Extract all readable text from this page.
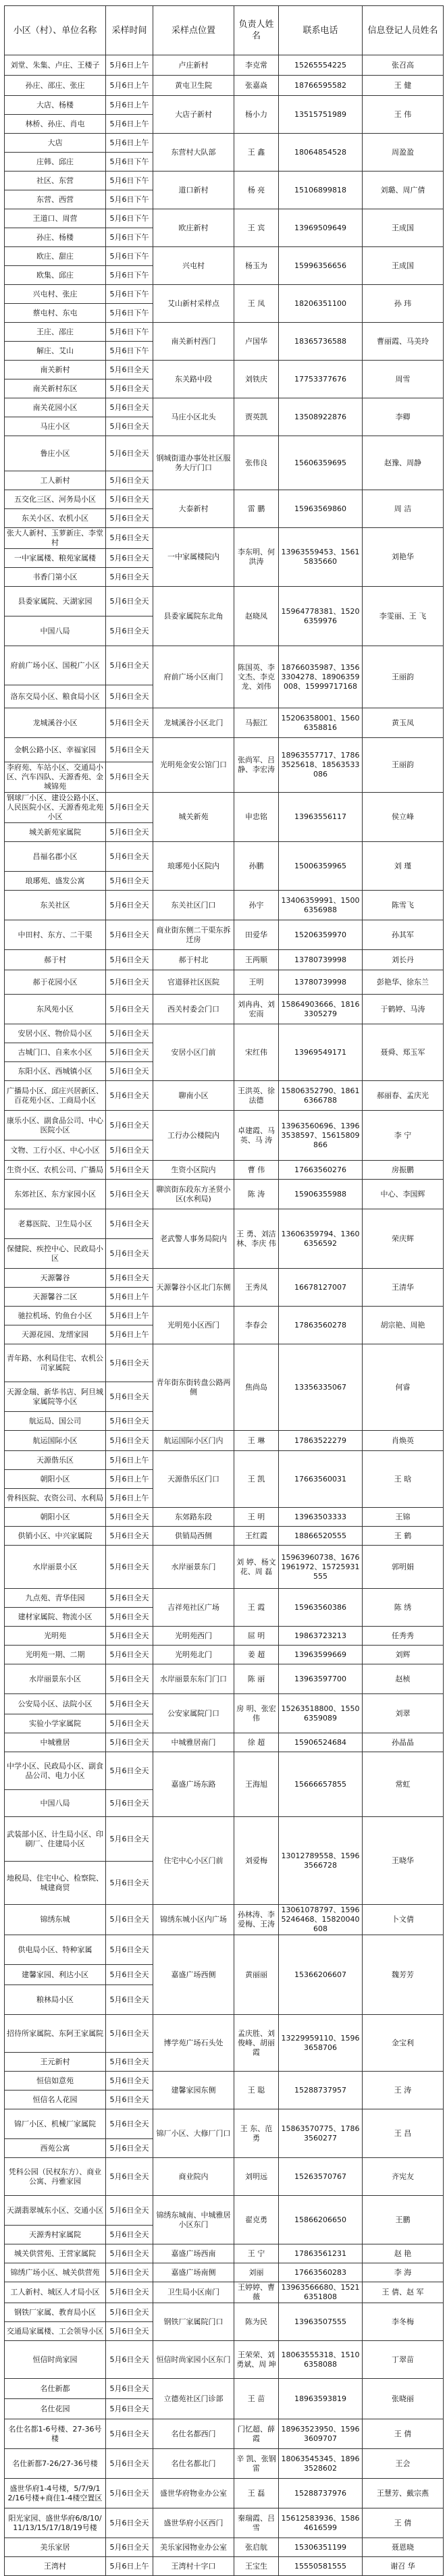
小区（村）、单位名称	采样时间	采样点位置	负责人姓名	联系电话	信息登记人员姓名
刘堂、朱集、卢庄、王楼子	5月6日上午	卢庄新村	李克常	15265554225	张召高
孙庄、邵庄、张庄	5月6日上午	黄屯卫生院	张嘉焱	18766595582	王 健
大店、杨楼	5月6日上午	大店子新村	杨小力	13515751989	王 伟
林桥、孙庄、肖屯	5月6日上午				
大店	5月6日上午	东营村大队部	王 鑫	18064854528	周盈盈
庄韩、邱庄	5月6日下午				
社区、东营	5月6日下午	道口新村	杨 亮	15106899818	刘璐、周广倩
东营、西营	5月6日下午				
王道口、周营	5月6日下午	欧庄新村	王 宾	13969509649	王成国
孙庄、杨楼	5月6日下午				
欧庄、甜庄	5月6日下午	兴屯村	杨玉为	15996356656	王成国
欧集、邱庄	5月6日下午				
兴屯村、张庄	5月6日下午	艾山新村采样点	王 凤	18206351100	孙 玮
蔡屯村、东屯	5月6日下午				
王庄、邵庄	5月6日下午	南关新村西门	卢国华	18365736588	曹丽霞、马美玲
解庄、艾山	5月6日下午				
南关新村	5月6日全天	东关路中段	刘铁庆	17753377676	周雪
南关新村东区	5月6日全天				
南关花园小区	5月6日全天	马庄小区北头	贾英凯	13508922876	李卿
马庄小区	5月6日全天				
鲁庄小区	5月6日全天	钢城街道办事处社区服务大厅门口	张伟良	15606359695	赵豫、周静
工人新村	5月6日全天				
五交化三区、河务局小区	5月6日全天	大泰新村	雷 鹏	15963569860	周 洁
东关小区、农机小区	5月6日全天				
张大人新村、玉萝新庄、李堂村	5月6日全天	一中家属楼院内	李东明、何洪涛	13963559453、15615835660	刘艳华
一中家属楼、粮苑家属楼	5月6日全天				
书香门第小区	5月6日全天				
县委家属院、天湖家园	5月6日全天	县委家属院东北角	赵晓凤	15964778381、15206359976	李雯丽、王 飞
中国八局	5月6日全天				
府前广场小区、国税广小区	5月6日全天	府前广场小区南门	陈国英、李文杰、李克龙、刘伟	18766035987、13563304278、18906359008、15999717168	王丽韵
洛东交局小区、粮食局小区	5月6日全天				
龙城溪谷小区	5月6日全天	龙城溪谷小区北门	马振江	15206358001、15606358816	黄玉凤
金帆公路小区、幸福家园	5月6日全天	光明苑金安公馆门口	张尚军、吕静、李宏涛	18963557717、17863525618、18563533086	王丽韵
李府苑、车站小区、交通局小区、汽车四队、天源香苑、金城锦苑	5月6日全天				
钢球厂小区、建设公路小区、人民医院小区、天源香苑北苑小区	5月6日全天	城关新苑	申忠铭	13963556117	侯立峰
城关新苑家属院	5月6日全天				
昌福名郡小区	5月6日全天	琅琊苑小区院内	孙鹏	15006359965	刘 瑾
琅琊苑、盛发公寓	5月6日全天				
东关社区	5月6日全天	东关社区门口	孙宇	13406359991、15006356988	陈雪飞
中田村、东方、二干渠	5月6日全天	商业街东侧二干渠东拆迁房	田爱华	15206359970	孙其军
郝于村	5月6日全天	郝于村北	王两顺	13780739998	刘长丹
郝于花园小区	5月6日全天	官道驿社区医院	王明	13780739998	彭艳华、徐东兰
东风苑小区	5月6日全天	西关村委会门口	刘冉冉、刘宏雨	15864903666、18163305279	于鹤婷、马涛
安居小区、物价局小区	5月6日全天	安居小区门前	宋红伟	13969549171	聂舜、郑玉军
古城门口、自来水小区	5月6日全天				
东阳小区、西城镇小区	5月6日全天				
广播局小区、邱庄兴居新区、百花苑小区、工商局小区	5月6日全天	聊南小区	王洪英、徐法德	15806352790、18616366788	郝丽春、孟庆光
康乐小区、副食品公司、中心医院小区	5月6日全天	工行办公楼院内	卓建霞、马英、马 涛	13963560696、13963538597、15615809866	李 宁
文物、工行小区、中心小区	5月6日全天				
生资小区、农机公司、广播局	5月6日全天	生资小区院内	曹 伟	17663560276	房振鹏
东郊社区、东方家园小区	5月6日全天	聊滨街东段东方圣贤小区(水利局)	陈 涛	15906355988	中心、李国辉
老募医院、卫生局小区	5月6日全天	老武警人事务局院内	王 勇、刘洁 林、李庆 伟	13606359794、13606356592	荣庆辉
保健院、疾控中心、民政局小区	5月6日全天				
天源馨谷	5月6日全天	天源馨谷小区北门东侧	王秀凤	16678127007	王清华
天源馨谷二区	5月6日上午				
驰拉机场、钓鱼台小区	5月6日上午	光明苑小区西门	李春会	17863560278	胡宗艳、周艳
天源花园、龙缙家园	5月6日上午				
青年路、水利局住宅、农机公司家属院	5月6日全天	青年街东街转盘公路两侧	焦尚岛	13356335067	何睿
天源金瑞、新华书店、阿旦城家属院等小区	5月6日全天				
航运局、国公司	5月6日全天				
航运国际小区	5月6日全天	航运国际小区门内	王 琳	17863522279	肖焕英
天源偕乐区	5月6日上午	天源偕乐区门口	王 凯	17663560031	王 晗
朝阳小区	5月6日上午				
骨科医院、农资公司、水利局	5月6日上午				
朝阳小区	5月6日全天	东郊路东段	王 明	13963503333	王锦
供销小区、中兴家属院	5月6日全天	供销局西侧	王红霞	18866520555	王 鹤
水岸丽景小区	5月6日全天	水岸丽景东门	刘 婷、杨文 花、周 磊	15963960738、16761961972、15725931555	郭明娟
九点苑、青华佳园	5月6日全天	吉祥苑社区广场	王 霞	15963560386	陈 绣
建材家属院、物流小区	5月6日全天				
光明苑	5月6日全天	光明苑西门	屈 明	19863723213	任秀秀
光明苑一期、二期	5月6日全天	光明苑北门	姜 超	13963599669	刘辉
水岸丽景东小区	5月6日全天	水岸丽景东东门门口	陈 丽	13963597700	赵桢
公安局小区、法院小区	5月6日全天	公安家属院门口	房 明、张宏 伟	15263518800、15506359089	刘翠
实验小学家属院	5月6日全天				
中城雅居	5月6日全天	中城雅居南门	徐 超	15906524684	孙晶晶
中学小区、民政局小区、副食品公司、电力小区	5月6日全天	嘉盛广场东路	王海旭	15666657855	常虹
中国八局	5月6日全天				
武装部小区、计生局小区、印刷厂、住建局小区	5月6日全天	住宅中心小区门前	刘爱梅	13012789558、15963566728	王晓华
地税局、住宅中心、检察院、城建商贸	5月6日全天				
锦绣东城	5月6日全天	锦绣东城小区内广场	孙林涛、李爱梅、王涛	13061078797、15965246468、15820040608	卜文倩
供电局小区、特种家属	5月6日全天	嘉盛广场西侧	黄丽丽	15366206607	魏芳芳
建馨家园、利达小区	5月6日全天				
粮林局小区	5月6日全天				
招待所家属院、东阿王家属院	5月6日全天	博学苑广场石头处	孟庆胜、刘俊峰、胡丽霞	13229959110、15963658706	金宝利
王元新村	5月6日全天				
恒信如意苑	5月6日全天	建馨家园东侧	王 聪	15288737957	王 涛
恒信名人花园	5月6日全天				
锦厂小区、机械厂家属院	5月6日全天	锦厂小区、大修厂门口	王 东、范 勇	15863570775、17863560277	王 昌
西苑公寓	5月6日全天				
凭科公园（民权东方）、商业公寓、丹雅家园	5月6日全天	商业院内	刘明远	15263570767	齐宪友
天湖翡翠城东小区、交通小区	5月6日全天	锦绣东城南、中城雅居小区东门	翟克勇	15866206650	王鹏
天源秀村家属院	5月6日全天				
城关供营苑、王营家属院	5月6日全天	嘉盛广场西南	王 宁	17863561231	赵 艳
锦绣广场小区、城关供营苑	5月6日全天	嘉盛广场南侧	刘丽	17663560283	李 海
工人新村、城区人才局小区	5月6日全天	卫生局小区南门	王婷婷、曹 薇	13963566680、15216351808	王 倩、赵 军
钢铁厂家属、教育局小区	5月6日全天	钢铁厂家属院门口	陈为民	13963507555	李冬梅
交通局家属楼、工会领导小区	5月6日全天				
恒信时尚家园	5月6日全天	恒信时尚家园小区东门	王荣荣、刘勇斌、周 坤	18063555318、15106358088	丁翠苗
名仕新都	5月6日全天	立德苑社区门诊部	王 苗	18963593819	张晓丽
名仕花园	5月6日全天				
名仕名都1-6号楼、27-36号楼	5月6日全天	名仕名都西门	门忆超、薛霞	18963523950、15963609707	王 倩
名仕新都7-26/27-36号楼	5月6日全天	名仕名都北门	辛 凯、张钢雷	18063545345、18963528602	王会
盛世华府1-4号楼，5/7/9/12/16号楼+商住1-4楼空置区	5月6日全天	盛世华府物业办公室	王 磊	15288737976	王慧芳、戴宗燕
阳光家园、盛世华府6/8/10/11/13/15/17/18/19号楼	5月6日全天	盛世华府小区西门	秦瑞霞、吕雪	15612583936、15864616599	王 倩
美乐家居	5月6日全天	美乐家园物业办公室	张启航	15306351199	聂恩晓
王湾村	5月6日上午	王湾村十字口	王宝生	15550581555	谢召 华
